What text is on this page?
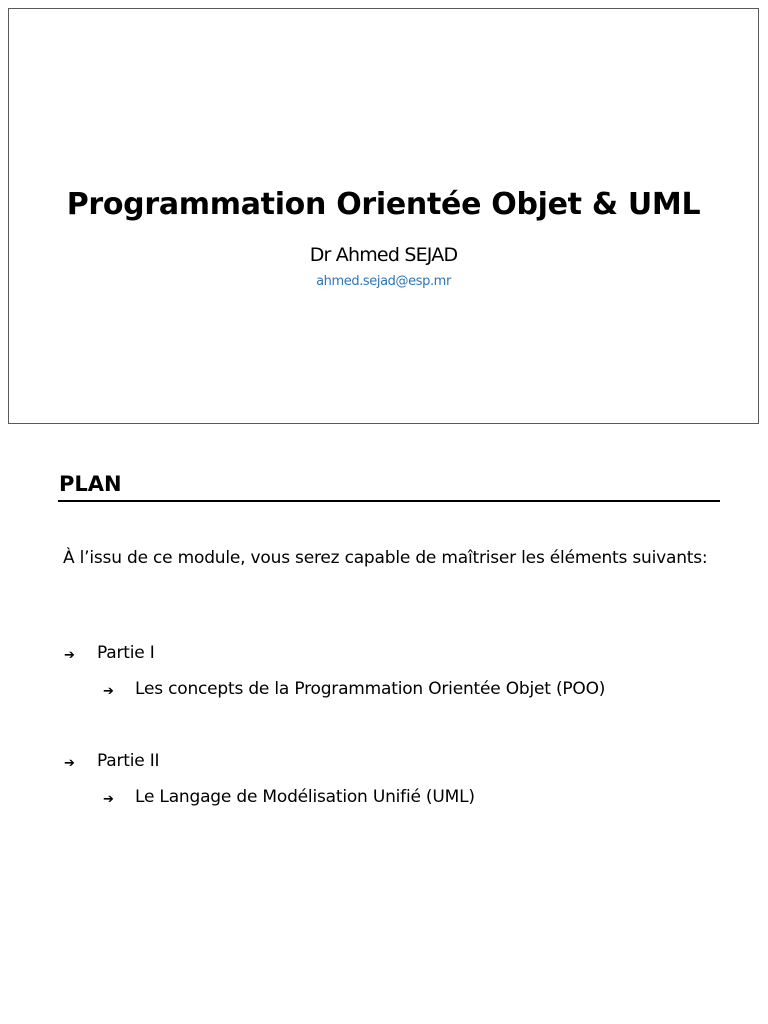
Programmation Orientée Objet & UML
Dr Ahmed SEJAD
ahmed.sejad@esp.mr
PLAN
À l’issu de ce module, vous serez capable de maîtriser les éléments suivants:
➔ Partie I
➔ Les concepts de la Programmation Orientée Objet (POO)
➔ Partie II
➔ Le Langage de Modélisation Unifié (UML)
